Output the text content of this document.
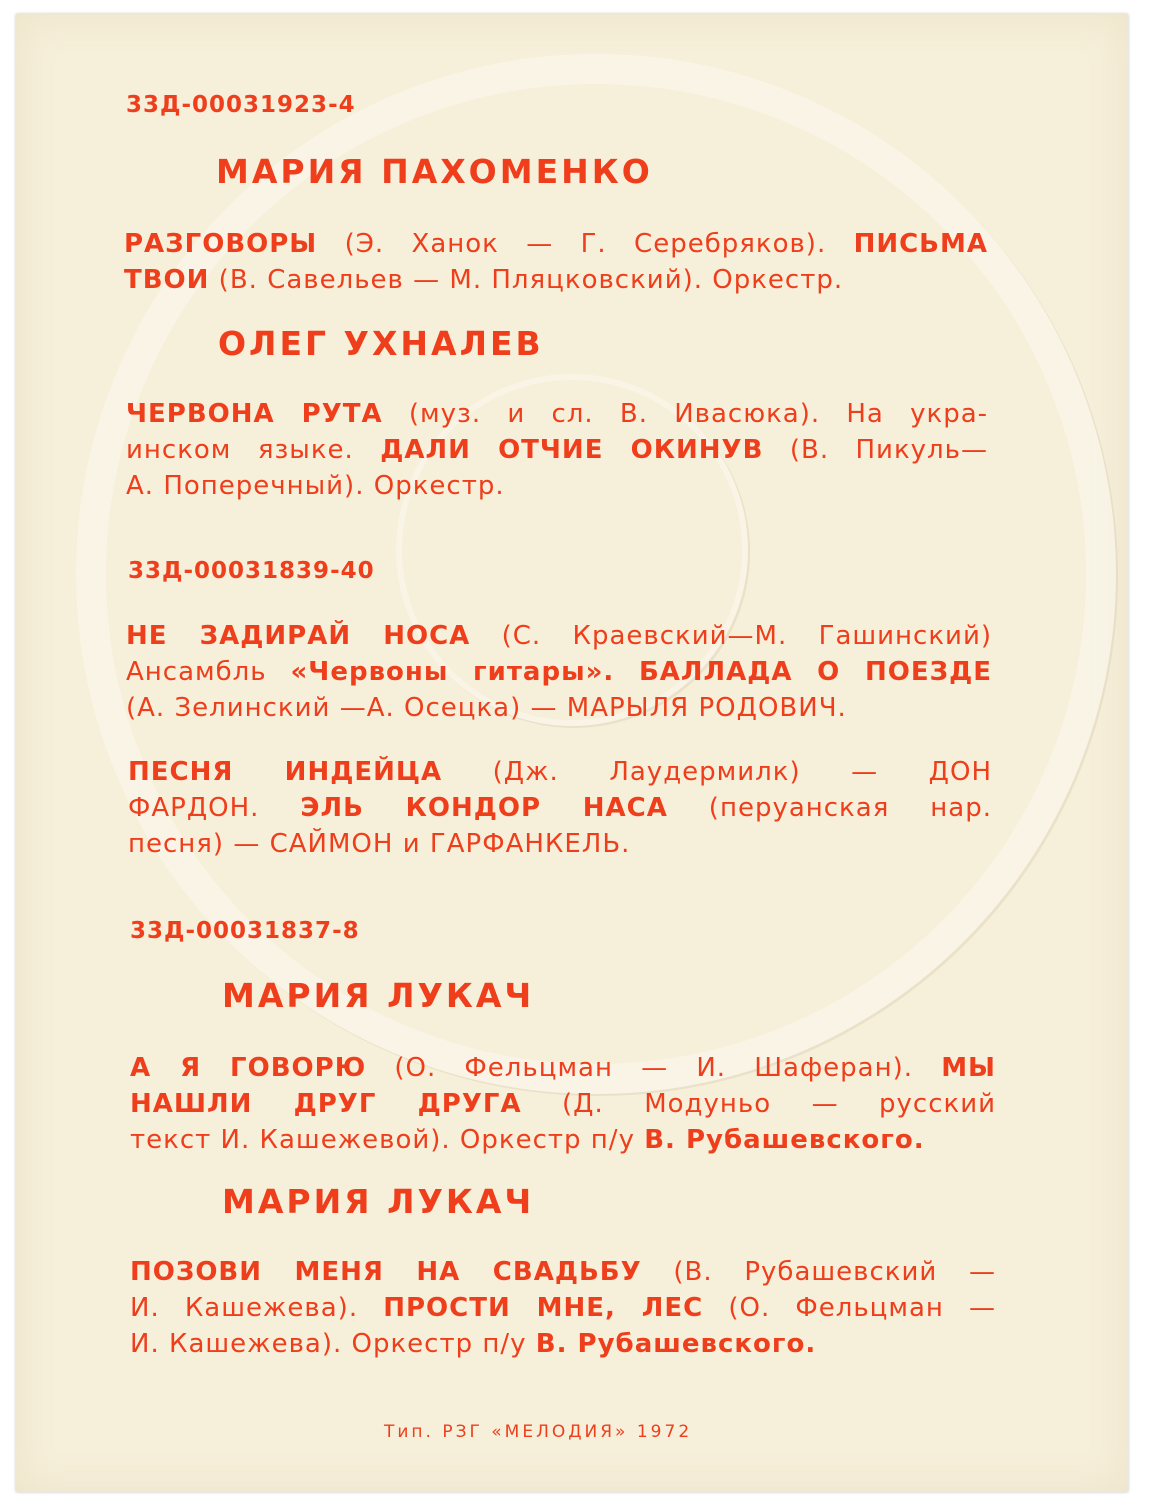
33Д-00031923-4

МАРИЯ ПАХОМЕНКО

РАЗГОВОРЫ (Э. Ханок — Г. Серебряков). ПИСЬМА
ТВОИ (В. Савельев — М. Пляцковский). Оркестр.

ОЛЕГ УХНАЛЕВ

ЧЕРВОНА РУТА (муз. и сл. В. Ивасюка). На укра-
инском языке. ДАЛИ ОТЧИЕ ОКИНУВ (В. Пикуль—
А. Поперечный). Оркестр.

33Д-00031839-40

НЕ ЗАДИРАЙ НОСА (С. Краевский—М. Гашинский)
Ансамбль «Червоны гитары». БАЛЛАДА О ПОЕЗДЕ
(А. Зелинский —А. Осецка) — МАРЫЛЯ РОДОВИЧ.
ПЕСНЯ ИНДЕЙЦА (Дж. Лаудермилк) — ДОН
ФАРДОН. ЭЛЬ КОНДОР НАСА (перуанская нар.
песня) — САЙМОН и ГАРФАНКЕЛЬ.

33Д-00031837-8

МАРИЯ ЛУКАЧ

А Я ГОВОРЮ (О. Фельцман — И. Шаферан). МЫ
НАШЛИ ДРУГ ДРУГА (Д. Модуньо — русский
текст И. Кашежевой). Оркестр п/у В. Рубашевского.

МАРИЯ ЛУКАЧ

ПОЗОВИ МЕНЯ НА СВАДЬБУ (В. Рубашевский —
И. Кашежева). ПРОСТИ МНЕ, ЛЕС (О. Фельцман —
И. Кашежева). Оркестр п/у В. Рубашевского.

Тип. РЗГ «МЕЛОДИЯ» 1972
